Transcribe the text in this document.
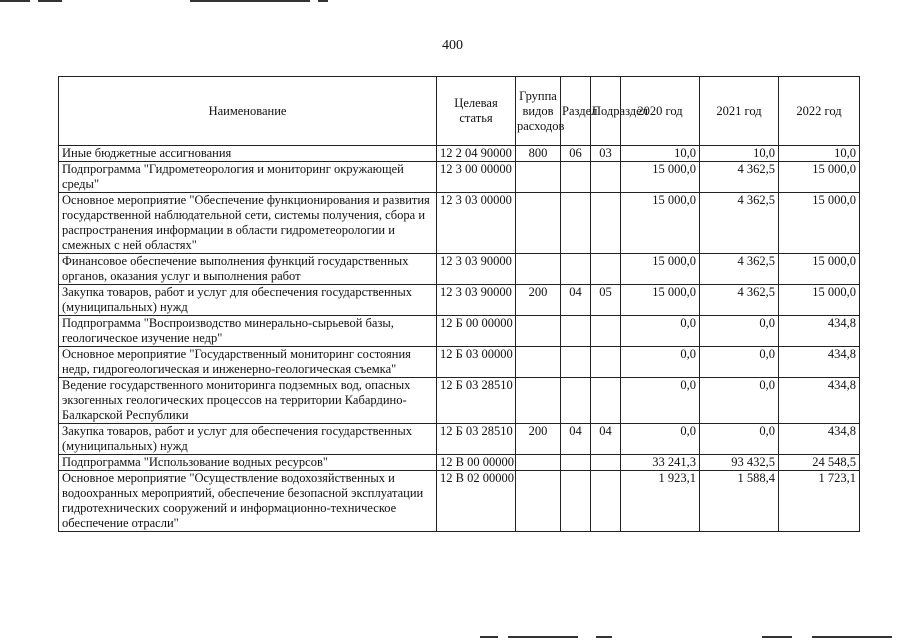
400
Наименование	Целевая статья	Группа видов расходов	Раздел	Подраздел	2020 год	2021 год	2022 год
Иные бюджетные ассигнования	12 2 04 90000	800	06	03	10,0	10,0	10,0
Подпрограмма "Гидрометеорология и мониторинг окружающей среды"	12 3 00 00000				15 000,0	4 362,5	15 000,0
Основное мероприятие "Обеспечение функционирования и развития государственной наблюдательной сети, системы получения, сбора и распространения информации в области гидрометеорологии и смежных с ней областях"	12 3 03 00000				15 000,0	4 362,5	15 000,0
Финансовое обеспечение выполнения функций государственных органов, оказания услуг и выполнения работ	12 3 03 90000				15 000,0	4 362,5	15 000,0
Закупка товаров, работ и услуг для обеспечения государственных (муниципальных) нужд	12 3 03 90000	200	04	05	15 000,0	4 362,5	15 000,0
Подпрограмма "Воспроизводство минерально-сырьевой базы, геологическое изучение недр"	12 Б 00 00000				0,0	0,0	434,8
Основное мероприятие "Государственный мониторинг состояния недр, гидрогеологическая и инженерно-геологическая съемка"	12 Б 03 00000				0,0	0,0	434,8
Ведение государственного мониторинга подземных вод, опасных экзогенных геологических процессов на территории Кабардино-Балкарской Республики	12 Б 03 28510				0,0	0,0	434,8
Закупка товаров, работ и услуг для обеспечения государственных (муниципальных) нужд	12 Б 03 28510	200	04	04	0,0	0,0	434,8
Подпрограмма "Использование водных ресурсов"	12 В 00 00000				33 241,3	93 432,5	24 548,5
Основное мероприятие "Осуществление водохозяйственных и водоохранных мероприятий, обеспечение безопасной эксплуатации гидротехнических сооружений и информационно-техническое обеспечение отрасли"	12 В 02 00000				1 923,1	1 588,4	1 723,1
